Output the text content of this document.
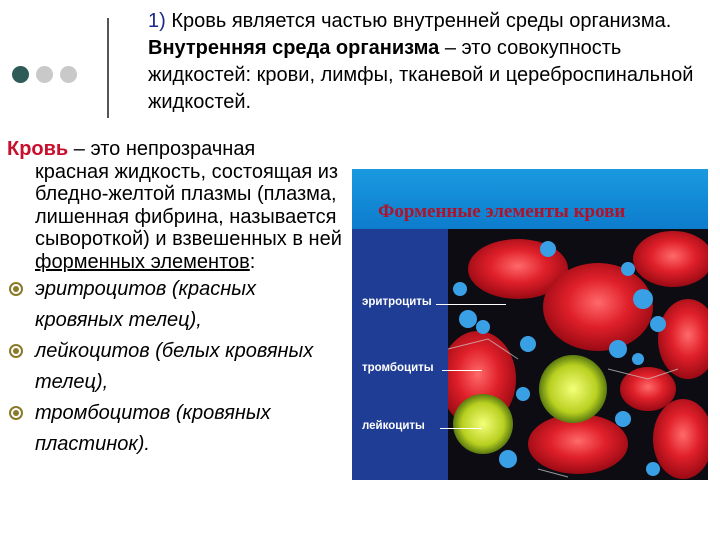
1) Кровь является частью внутренней среды организма. Внутренняя среда организма – это совокупность жидкостей: крови, лимфы, тканевой и цереброспинальной жидкостей.
Кровь – это непрозрачная
красная жидкость, состоящая из бледно-желтой плазмы (плазма, лишенная фибрина, называется сывороткой) и взвешенных в ней форменных элементов:
эритроцитов (красных кровяных телец),
лейкоцитов (белых кровяных телец),
тромбоцитов (кровяных пластинок).
Форменные элементы крови
эритроциты
тромбоциты
лейкоциты
